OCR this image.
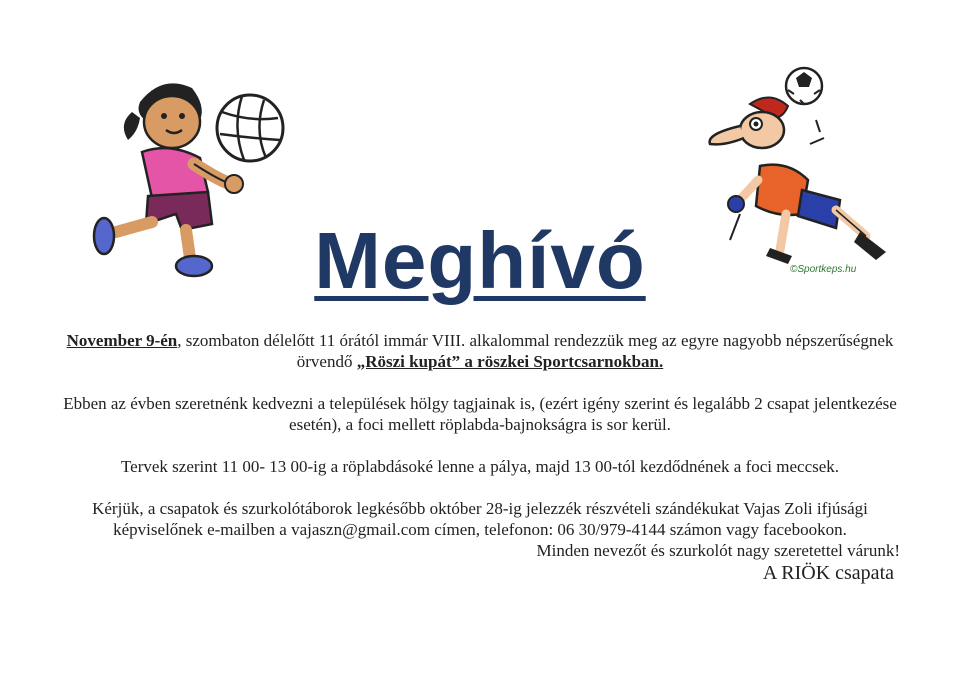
©Sportkeps.hu
Meghívó

November 9-én, szombaton délelőtt 11 órától immár VIII. alkalommal rendezzük meg az egyre nagyobb népszerűségnek örvendő „Röszi kupát” a röszkei Sportcsarnokban.

Ebben az évben szeretnénk kedvezni a települések hölgy tagjainak is, (ezért igény szerint és legalább 2 csapat jelentkezése esetén), a foci mellett röplabda-bajnokságra is sor kerül.

Tervek szerint 11 00- 13 00-ig a röplabdásoké lenne a pálya, majd 13 00-tól kezdődnének a foci meccsek.

Kérjük, a csapatok és szurkolótáborok legkésőbb október 28-ig jelezzék részvételi szándékukat Vajas Zoli ifjúsági képviselőnek e-mailben a vajaszn@gmail.com címen, telefonon: 06 30/979-4144 számon vagy facebookon.

Minden nevezőt és szurkolót nagy szeretettel várunk!
A RIÖK csapata
